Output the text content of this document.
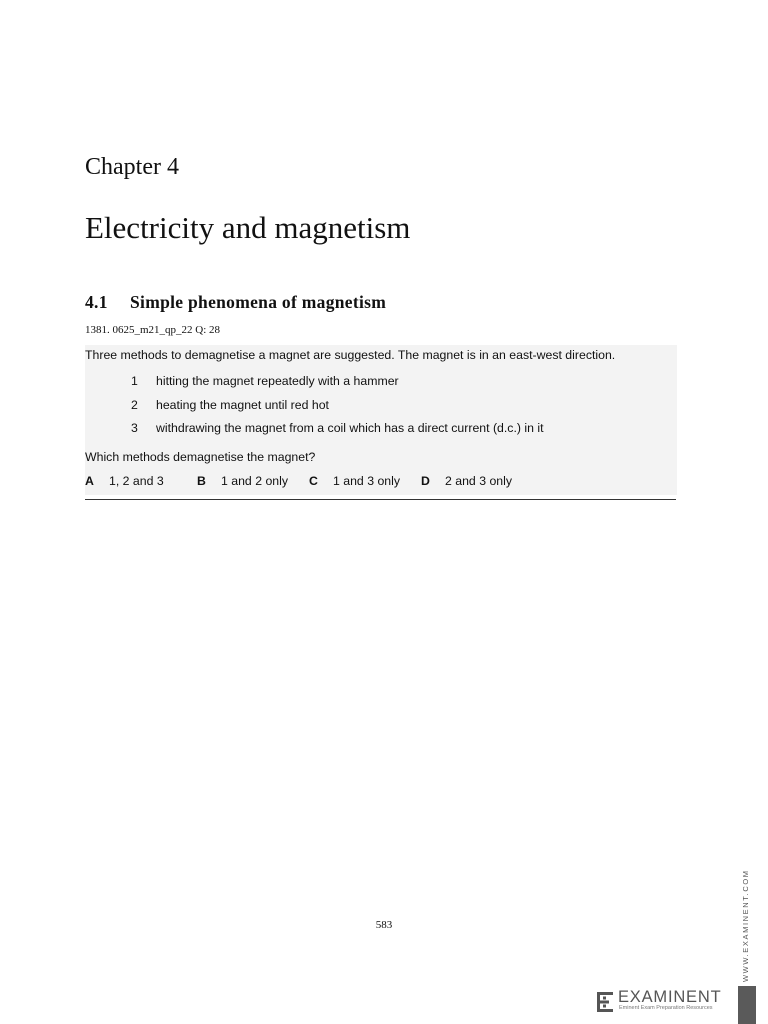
Chapter 4
Electricity and magnetism
4.1 Simple phenomena of magnetism
1381. 0625_m21_qp_22 Q: 28
Three methods to demagnetise a magnet are suggested. The magnet is in an east-west direction.
1 hitting the magnet repeatedly with a hammer
2 heating the magnet until red hot
3 withdrawing the magnet from a coil which has a direct current (d.c.) in it
Which methods demagnetise the magnet?
A 1, 2 and 3	B 1 and 2 only C 1 and 3 only D 2 and 3 only
583	WWW.EXAMINENT.COM
EXAMINENT
Eminent Exam Preparation Resources
